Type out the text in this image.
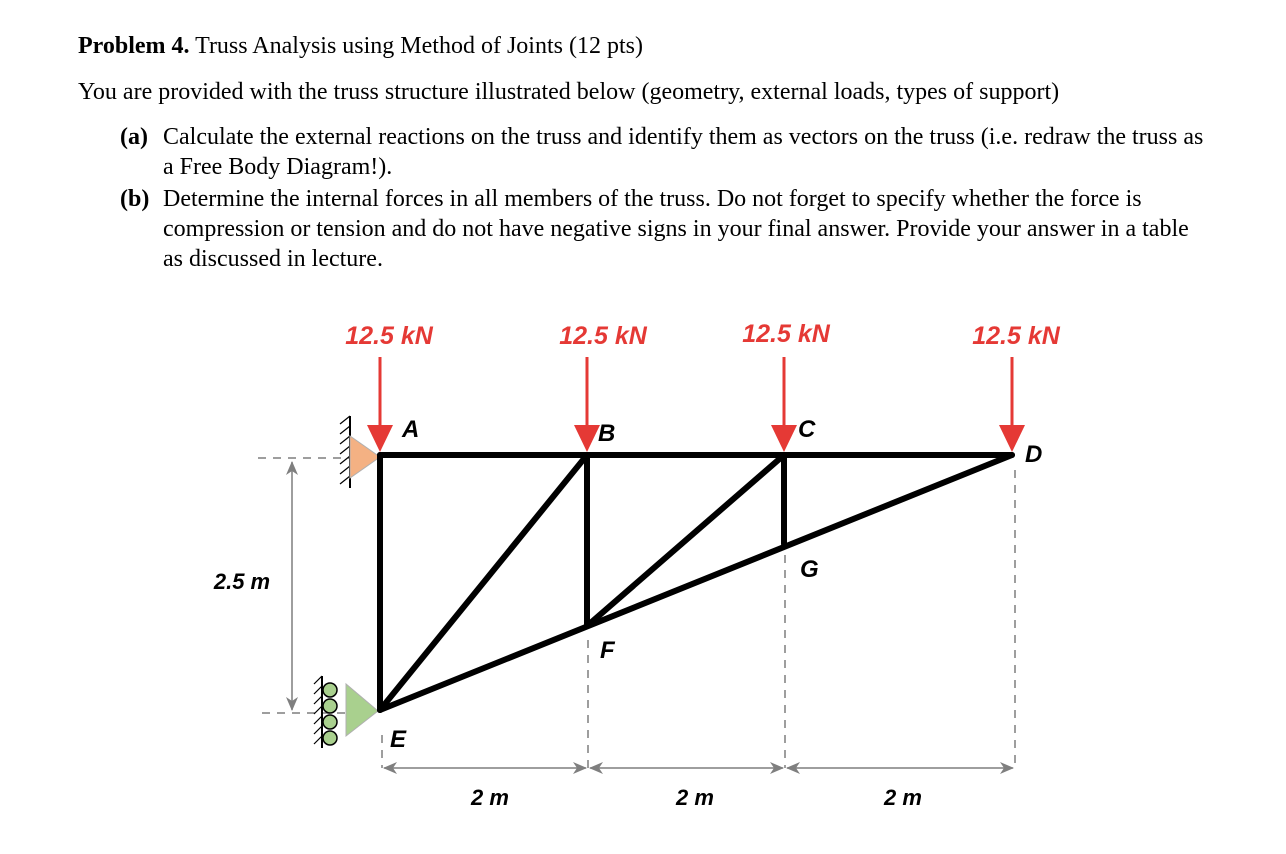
Problem 4. Truss Analysis using Method of Joints (12 pts)
You are provided with the truss structure illustrated below (geometry, external loads, types of support)
(a) Calculate the external reactions on the truss and identify them as vectors on the truss (i.e. redraw the truss as a Free Body Diagram!).
(b) Determine the internal forces in all members of the truss. Do not forget to specify whether the force is compression or tension and do not have negative signs in your final answer. Provide your answer in a table as discussed in lecture.
2.5 m
2 m	2 m	2 m
12.5 kN	12.5 kN	12.5 kN	12.5 kN
A	B	C
D
E
F
G
